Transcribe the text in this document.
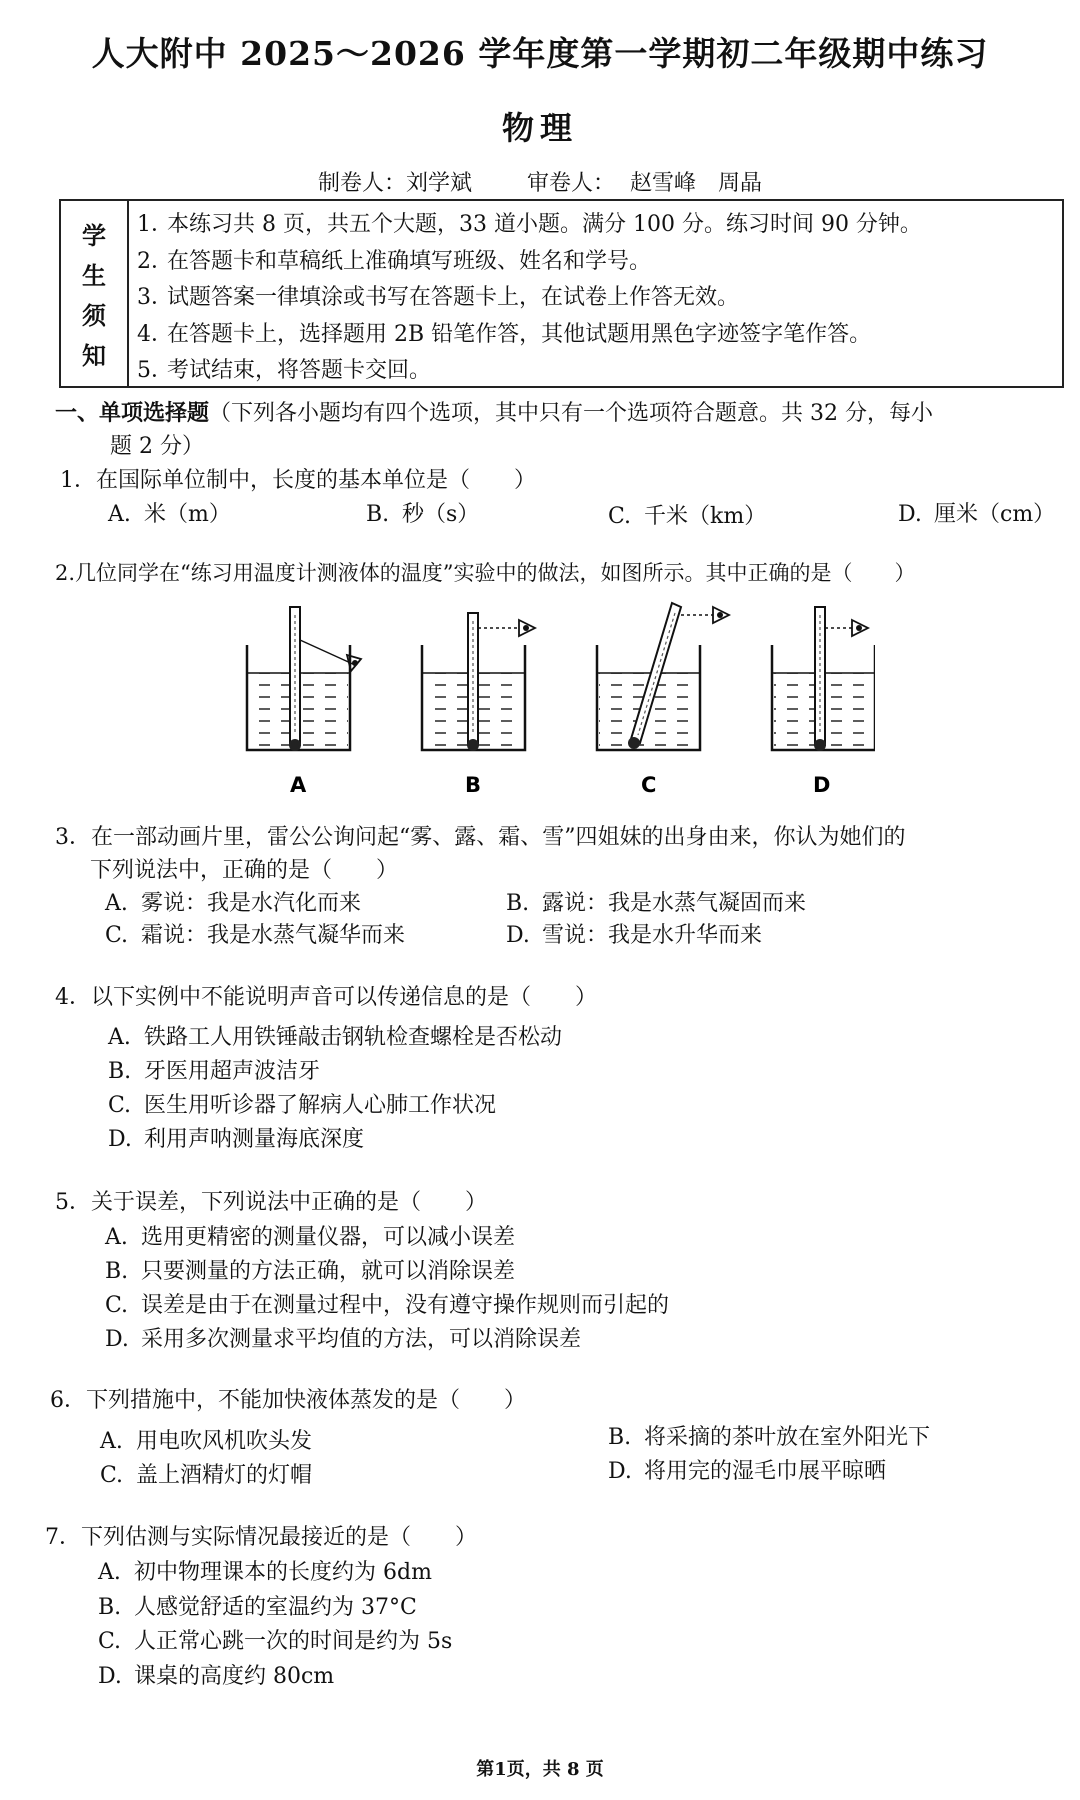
人大附中 2025～2026 学年度第一学期初二年级期中练习
物理
制卷人：刘学斌	审卷人： 赵雪峰　周晶
学
生
须
知
1．本练习共 8 页，共五个大题，33 道小题。满分 100 分。练习时间 90 分钟。
2．在答题卡和草稿纸上准确填写班级、姓名和学号。
3．试题答案一律填涂或书写在答题卡上，在试卷上作答无效。
4．在答题卡上，选择题用 2B 铅笔作答，其他试题用黑色字迹签字笔作答。
5．考试结束，将答题卡交回。
一、单项选择题（下列各小题均有四个选项，其中只有一个选项符合题意。共 32 分，每小
题 2 分）
1．在国际单位制中，长度的基本单位是（　　）
A. 米（m）	B. 秒（s）	C. 千米（km）	D. 厘米（cm）
2.几位同学在“练习用温度计测液体的温度”实验中的做法，如图所示。其中正确的是（　　）
A	B	C	D
3．在一部动画片里，雷公公询问起“雾、露、霜、雪”四姐妹的出身由来，你认为她们的
下列说法中，正确的是（　　）
A. 雾说：我是水汽化而来	B. 露说：我是水蒸气凝固而来
C. 霜说：我是水蒸气凝华而来	D. 雪说：我是水升华而来
4．以下实例中不能说明声音可以传递信息的是（　　）
A. 铁路工人用铁锤敲击钢轨检查螺栓是否松动
B. 牙医用超声波洁牙
C. 医生用听诊器了解病人心肺工作状况
D. 利用声呐测量海底深度
5．关于误差，下列说法中正确的是（　　）
A. 选用更精密的测量仪器，可以减小误差
B. 只要测量的方法正确，就可以消除误差
C. 误差是由于在测量过程中，没有遵守操作规则而引起的
D. 采用多次测量求平均值的方法，可以消除误差
6．下列措施中，不能加快液体蒸发的是（　　）
A. 用电吹风机吹头发	B. 将采摘的茶叶放在室外阳光下
C. 盖上酒精灯的灯帽	D. 将用完的湿毛巾展平晾晒
7．下列估测与实际情况最接近的是（　　）
A. 初中物理课本的长度约为 6dm
B. 人感觉舒适的室温约为 37°C
C. 人正常心跳一次的时间是约为 5s
D. 课桌的高度约 80cm
第1页，共 8 页
